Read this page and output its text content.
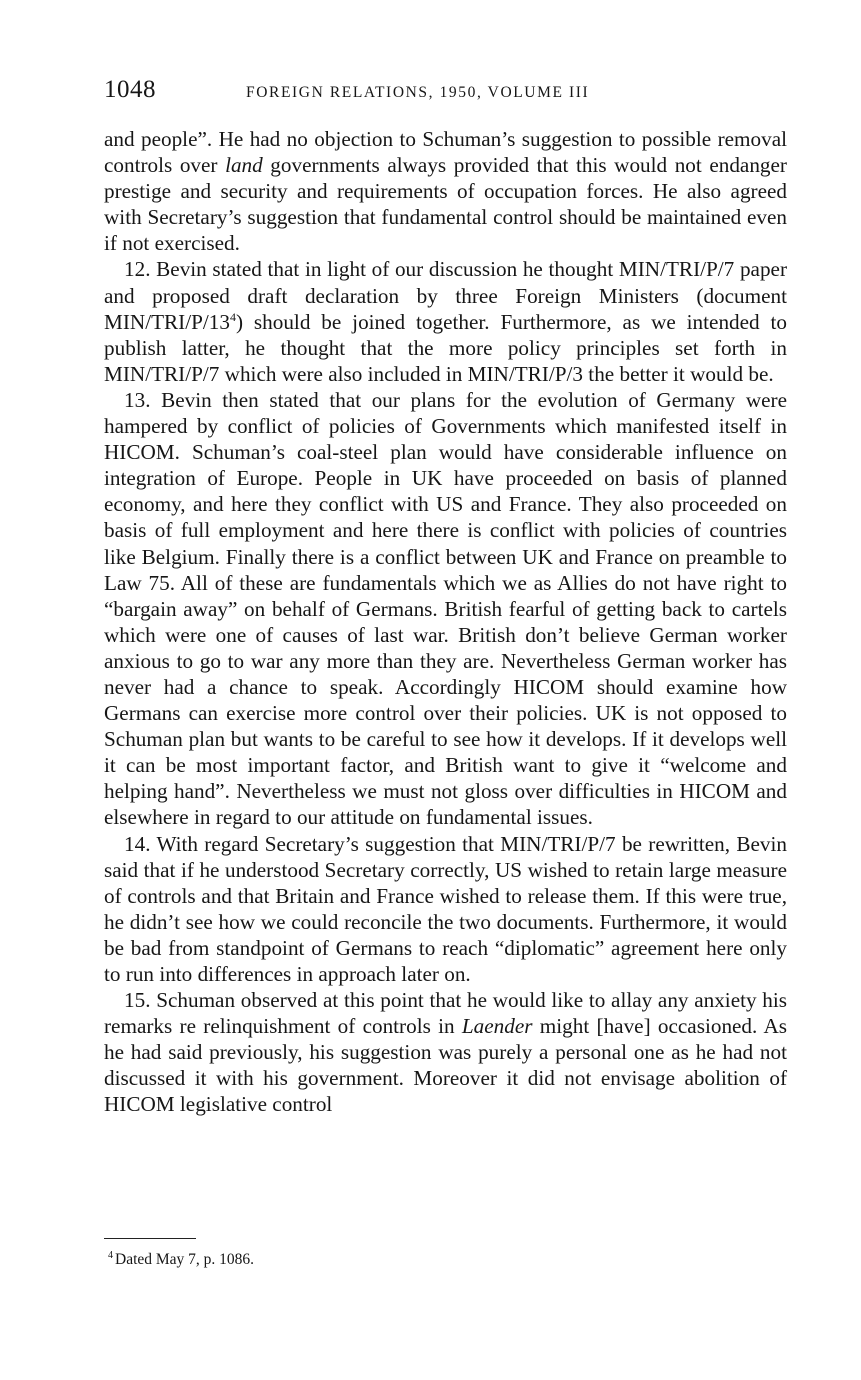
1048	FOREIGN RELATIONS, 1950, VOLUME III

and people”. He had no objection to Schuman’s suggestion to possible removal controls over land governments always provided that this would not endanger prestige and security and requirements of occupation forces. He also agreed with Secretary’s suggestion that fundamental control should be maintained even if not exercised.

12. Bevin stated that in light of our discussion he thought MIN/TRI/P/7 paper and proposed draft declaration by three Foreign Ministers (document MIN/TRI/P/13$^4$) should be joined together. Furthermore, as we intended to publish latter, he thought that the more policy principles set forth in MIN/TRI/P/7 which were also included in MIN/TRI/P/3 the better it would be.

13. Bevin then stated that our plans for the evolution of Germany were hampered by conflict of policies of Governments which manifested itself in HICOM. Schuman’s coal-steel plan would have considerable influence on integration of Europe. People in UK have proceeded on basis of planned economy, and here they conflict with US and France. They also proceeded on basis of full employment and here there is conflict with policies of countries like Belgium. Finally there is a conflict between UK and France on preamble to Law 75. All of these are fundamentals which we as Allies do not have right to “bargain away” on behalf of Germans. British fearful of getting back to cartels which were one of causes of last war. British don’t believe German worker anxious to go to war any more than they are. Nevertheless German worker has never had a chance to speak. Accordingly HICOM should examine how Germans can exercise more control over their policies. UK is not opposed to Schuman plan but wants to be careful to see how it develops. If it develops well it can be most important factor, and British want to give it “welcome and helping hand”. Nevertheless we must not gloss over difficulties in HICOM and elsewhere in regard to our attitude on fundamental issues.

14. With regard Secretary’s suggestion that MIN/TRI/P/7 be rewritten, Bevin said that if he understood Secretary correctly, US wished to retain large measure of controls and that Britain and France wished to release them. If this were true, he didn’t see how we could reconcile the two documents. Furthermore, it would be bad from standpoint of Germans to reach “diplomatic” agreement here only to run into differences in approach later on.

15. Schuman observed at this point that he would like to allay any anxiety his remarks re relinquishment of controls in Laender might [have] occasioned. As he had said previously, his suggestion was purely a personal one as he had not discussed it with his government. Moreover it did not envisage abolition of HICOM legislative control

$^4$ Dated May 7, p. 1086.
